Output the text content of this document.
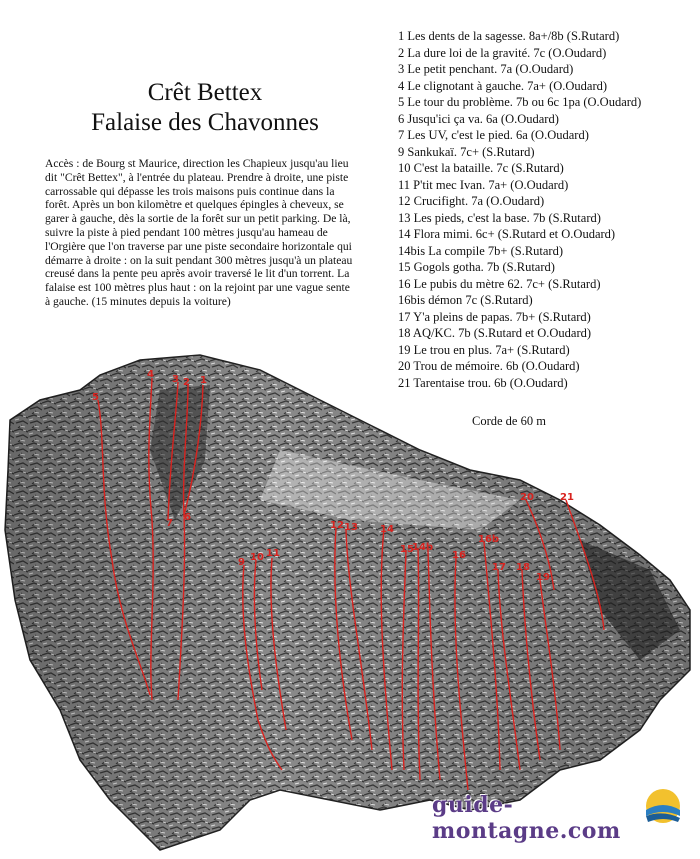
Crêt Bettex
Falaise des Chavonnes
Accès : de Bourg st Maurice, direction les Chapieux jusqu'au lieu dit "Crêt Bettex", à l'entrée du plateau. Prendre à droite, une piste carrossable qui dépasse les trois maisons puis continue dans la forêt. Après un bon kilomètre et quelques épingles à cheveux, se garer à gauche, dès la sortie de la forêt sur un petit parking. De là, suivre la piste à pied pendant 100 mètres jusqu'au hameau de l'Orgière que l'on traverse par une piste secondaire horizontale qui démarre à droite : on la suit pendant 300 mètres jusqu'à un plateau creusé dans la pente peu après avoir traversé le lit d'un torrent. La falaise est 100 mètres plus haut : on la rejoint par une vague sente à gauche. (15 minutes depuis la voiture)
1 Les dents de la sagesse. 8a+/8b (S.Rutard)
2 La dure loi de la gravité. 7c (O.Oudard)
3 Le petit penchant. 7a (O.Oudard)
4 Le clignotant à gauche. 7a+ (O.Oudard)
5 Le tour du problème. 7b ou 6c 1pa (O.Oudard)
6 Jusqu'ici ça va. 6a (O.Oudard)
7 Les UV, c'est le pied. 6a (O.Oudard)
9 Sankukaï. 7c+ (S.Rutard)
10 C'est la bataille. 7c (S.Rutard)
11 P'tit mec Ivan. 7a+ (O.Oudard)
12 Crucifight. 7a (O.Oudard)
13 Les pieds, c'est la base. 7b (S.Rutard)
14 Flora mimi. 6c+ (S.Rutard et O.Oudard)
14bis La compile 7b+ (S.Rutard)
15 Gogols gotha. 7b (S.Rutard)
16 Le pubis du mètre 62. 7c+ (S.Rutard)
16bis démon 7c (S.Rutard)
17 Y'a pleins de papas. 7b+ (S.Rutard)
18 AQ/KC. 7b (S.Rutard et O.Oudard)
19 Le trou en plus. 7a+ (S.Rutard)
20 Trou de mémoire. 6b (O.Oudard)
21 Tarentaise trou. 6b (O.Oudard)
Corde de 60 m
5
4 3 2 1
7
6
9 10 11
12 13 14
15
14b
16
16b
17 18
19
20	21
guide-montagne.com
